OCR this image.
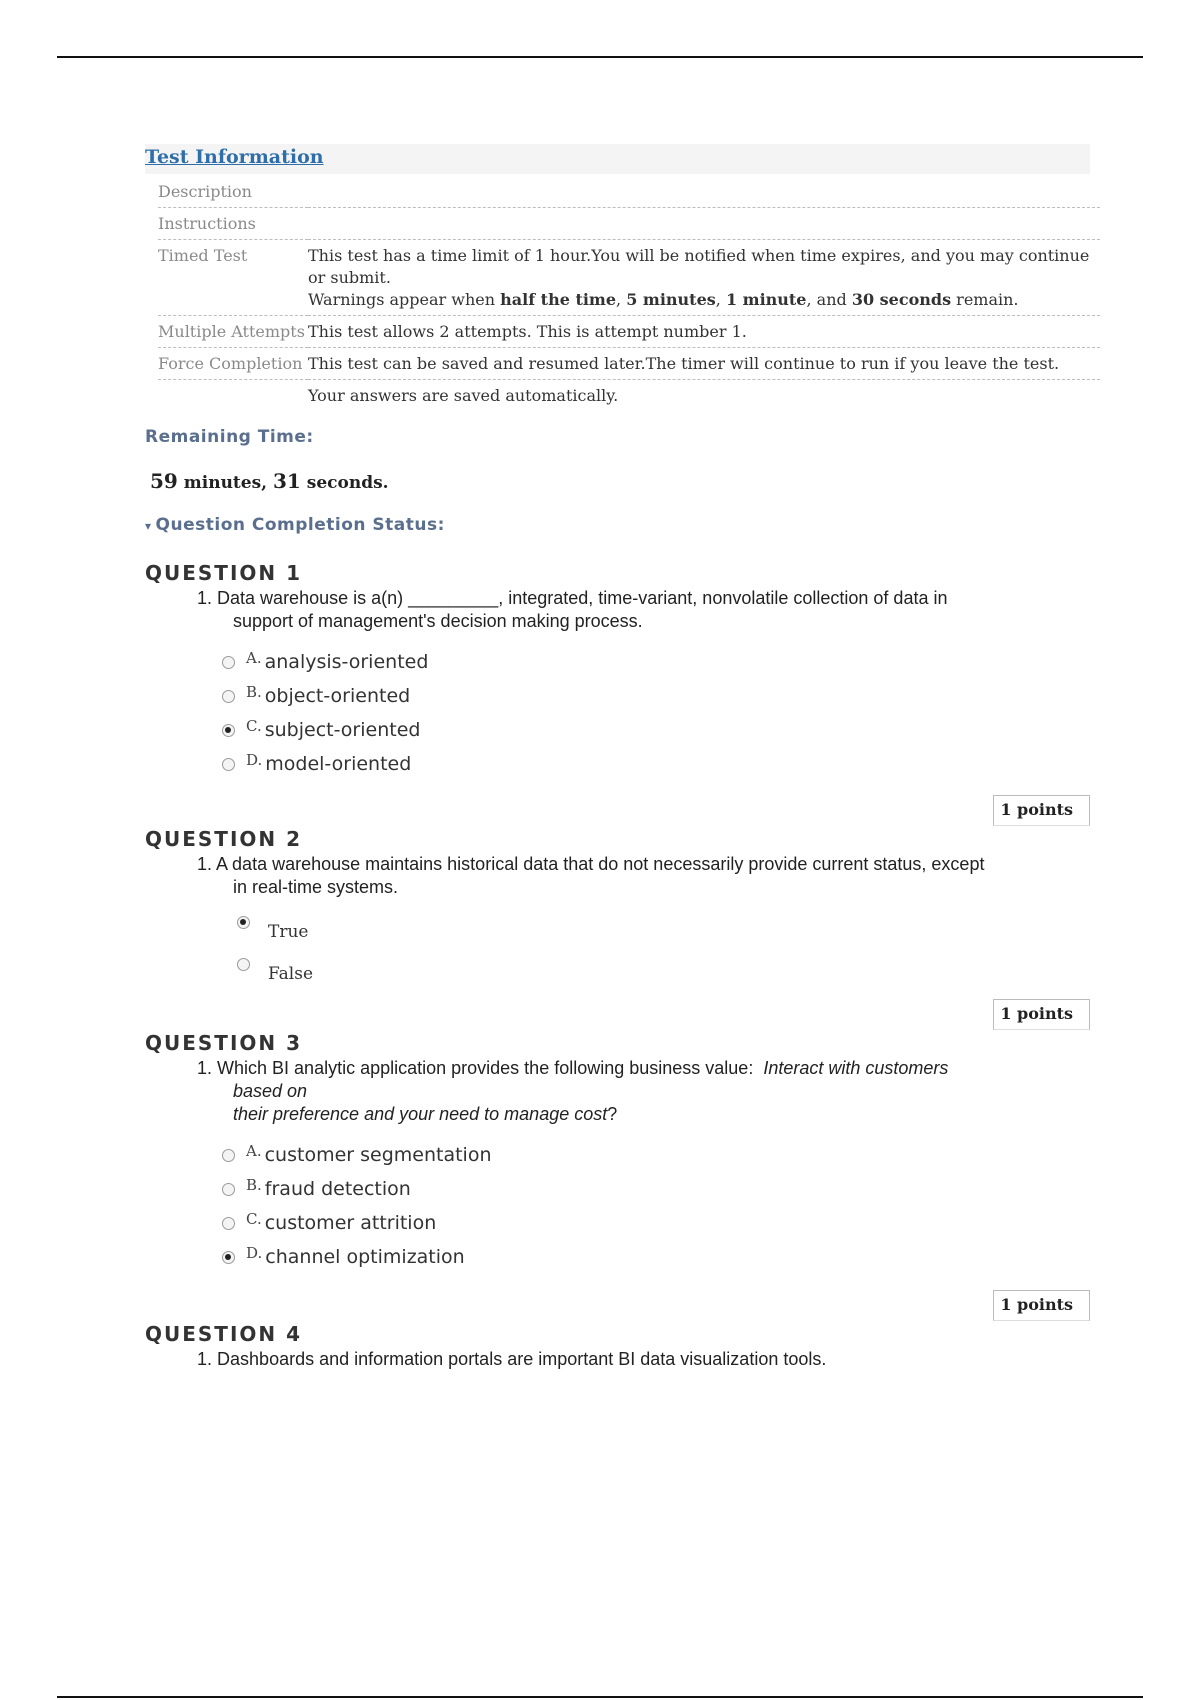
Test Information
Description	
Instructions	
Timed Test	This test has a time limit of 1 hour.You will be notified when time expires, and you may continue or submit.
Warnings appear when half the time, 5 minutes, 1 minute, and 30 seconds remain.

Multiple Attempts	This test allows 2 attempts. This is attempt number 1.
Force Completion	This test can be saved and resumed later.The timer will continue to run if you leave the test.
	Your answers are saved automatically.
Remaining Time:
59 minutes, 31 seconds.
▾ Question Completion Status:
QUESTION 1
1. Data warehouse is a(n) _________, integrated, time-variant, nonvolatile collection of data in
support of management's decision making process.
A. analysis-oriented
B. object-oriented
C. subject-oriented
D. model-oriented
1 points
QUESTION 2
1. A data warehouse maintains historical data that do not necessarily provide current status, except
in real-time systems.
True
False
1 points
QUESTION 3
1. Which BI analytic application provides the following business value: Interact with customers
based on
their preference and your need to manage cost?
A. customer segmentation
B. fraud detection
C. customer attrition
D. channel optimization
1 points
QUESTION 4
1. Dashboards and information portals are important BI data visualization tools.
